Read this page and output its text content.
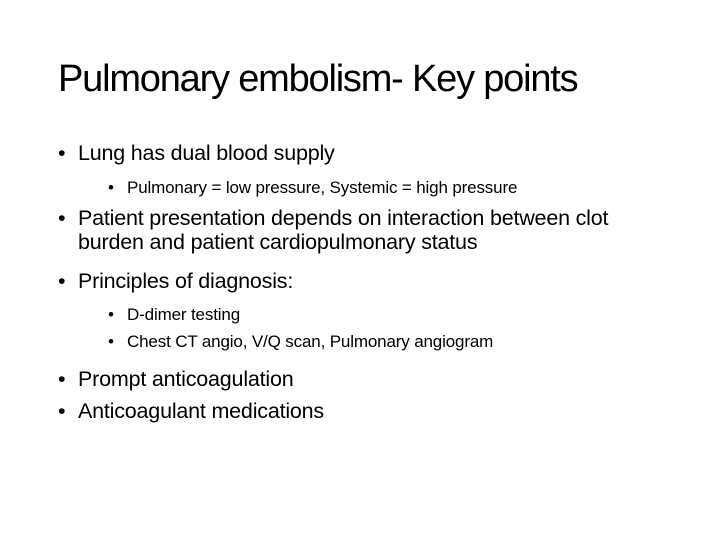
Pulmonary embolism- Key points
• Lung has dual blood supply
• Pulmonary = low pressure, Systemic = high pressure
• Patient presentation depends on interaction between clot burden and patient cardiopulmonary status
• Principles of diagnosis:
• D-dimer testing
• Chest CT angio, V/Q scan, Pulmonary angiogram
• Prompt anticoagulation
• Anticoagulant medications
